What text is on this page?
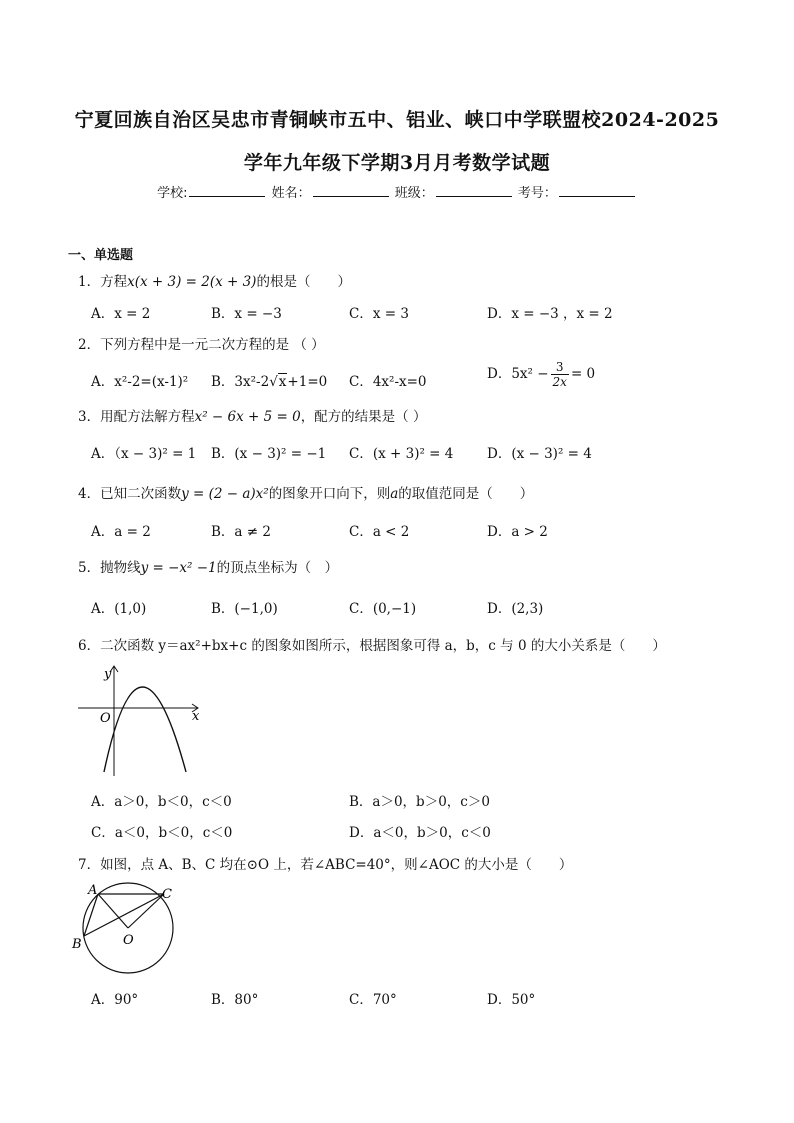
宁夏回族自治区吴忠市青铜峡市五中、铝业、峡口中学联盟校2024-2025
学年九年级下学期3月月考数学试题
学校:	姓名：	班级：	考号：
一、单选题
1．方程x(x + 3) = 2(x + 3)的根是（　　）
A．x = 2	B．x = −3	C．x = 3	D．x = −3 ，x = 2
2．下列方程中是一元二次方程的是 （ ）
A．x²-2=(x-1)² B．3x²-2√x+1=0 C．4x²-x=0	D．$5x^2 - \frac{3}{2x} = 0$
3．用配方法解方程x² − 6x + 5 = 0，配方的结果是（ ）
A．（x − 3)² = 1 B．(x − 3)² = −1 C．(x + 3)² = 4 D．(x − 3)² = 4
4．已知二次函数y = (2 − a)x²的图象开口向下，则a的取值范同是（　　）
A．a = 2	B．a ≠ 2	C．a < 2	D．a > 2
5．抛物线y = −x² −1的顶点坐标为（　）
A．(1,0)	B．(−1,0)	C．(0,−1)	D．(2,3)
6．二次函数 y＝ax²+bx+c 的图象如图所示，根据图象可得 a，b，c 与 0 的大小关系是（　　）
y
x
O
A．a＞0，b＜0，c＜0	B．a＞0，b＞0，c＞0
C．a＜0，b＜0，c＜0	D．a＜0，b＞0，c＜0
7．如图，点 A、B、C 均在⊙O 上，若∠ABC=40°，则∠AOC 的大小是（　　）
A
B
C
O
A．90°	B．80°	C．70°	D．50°
